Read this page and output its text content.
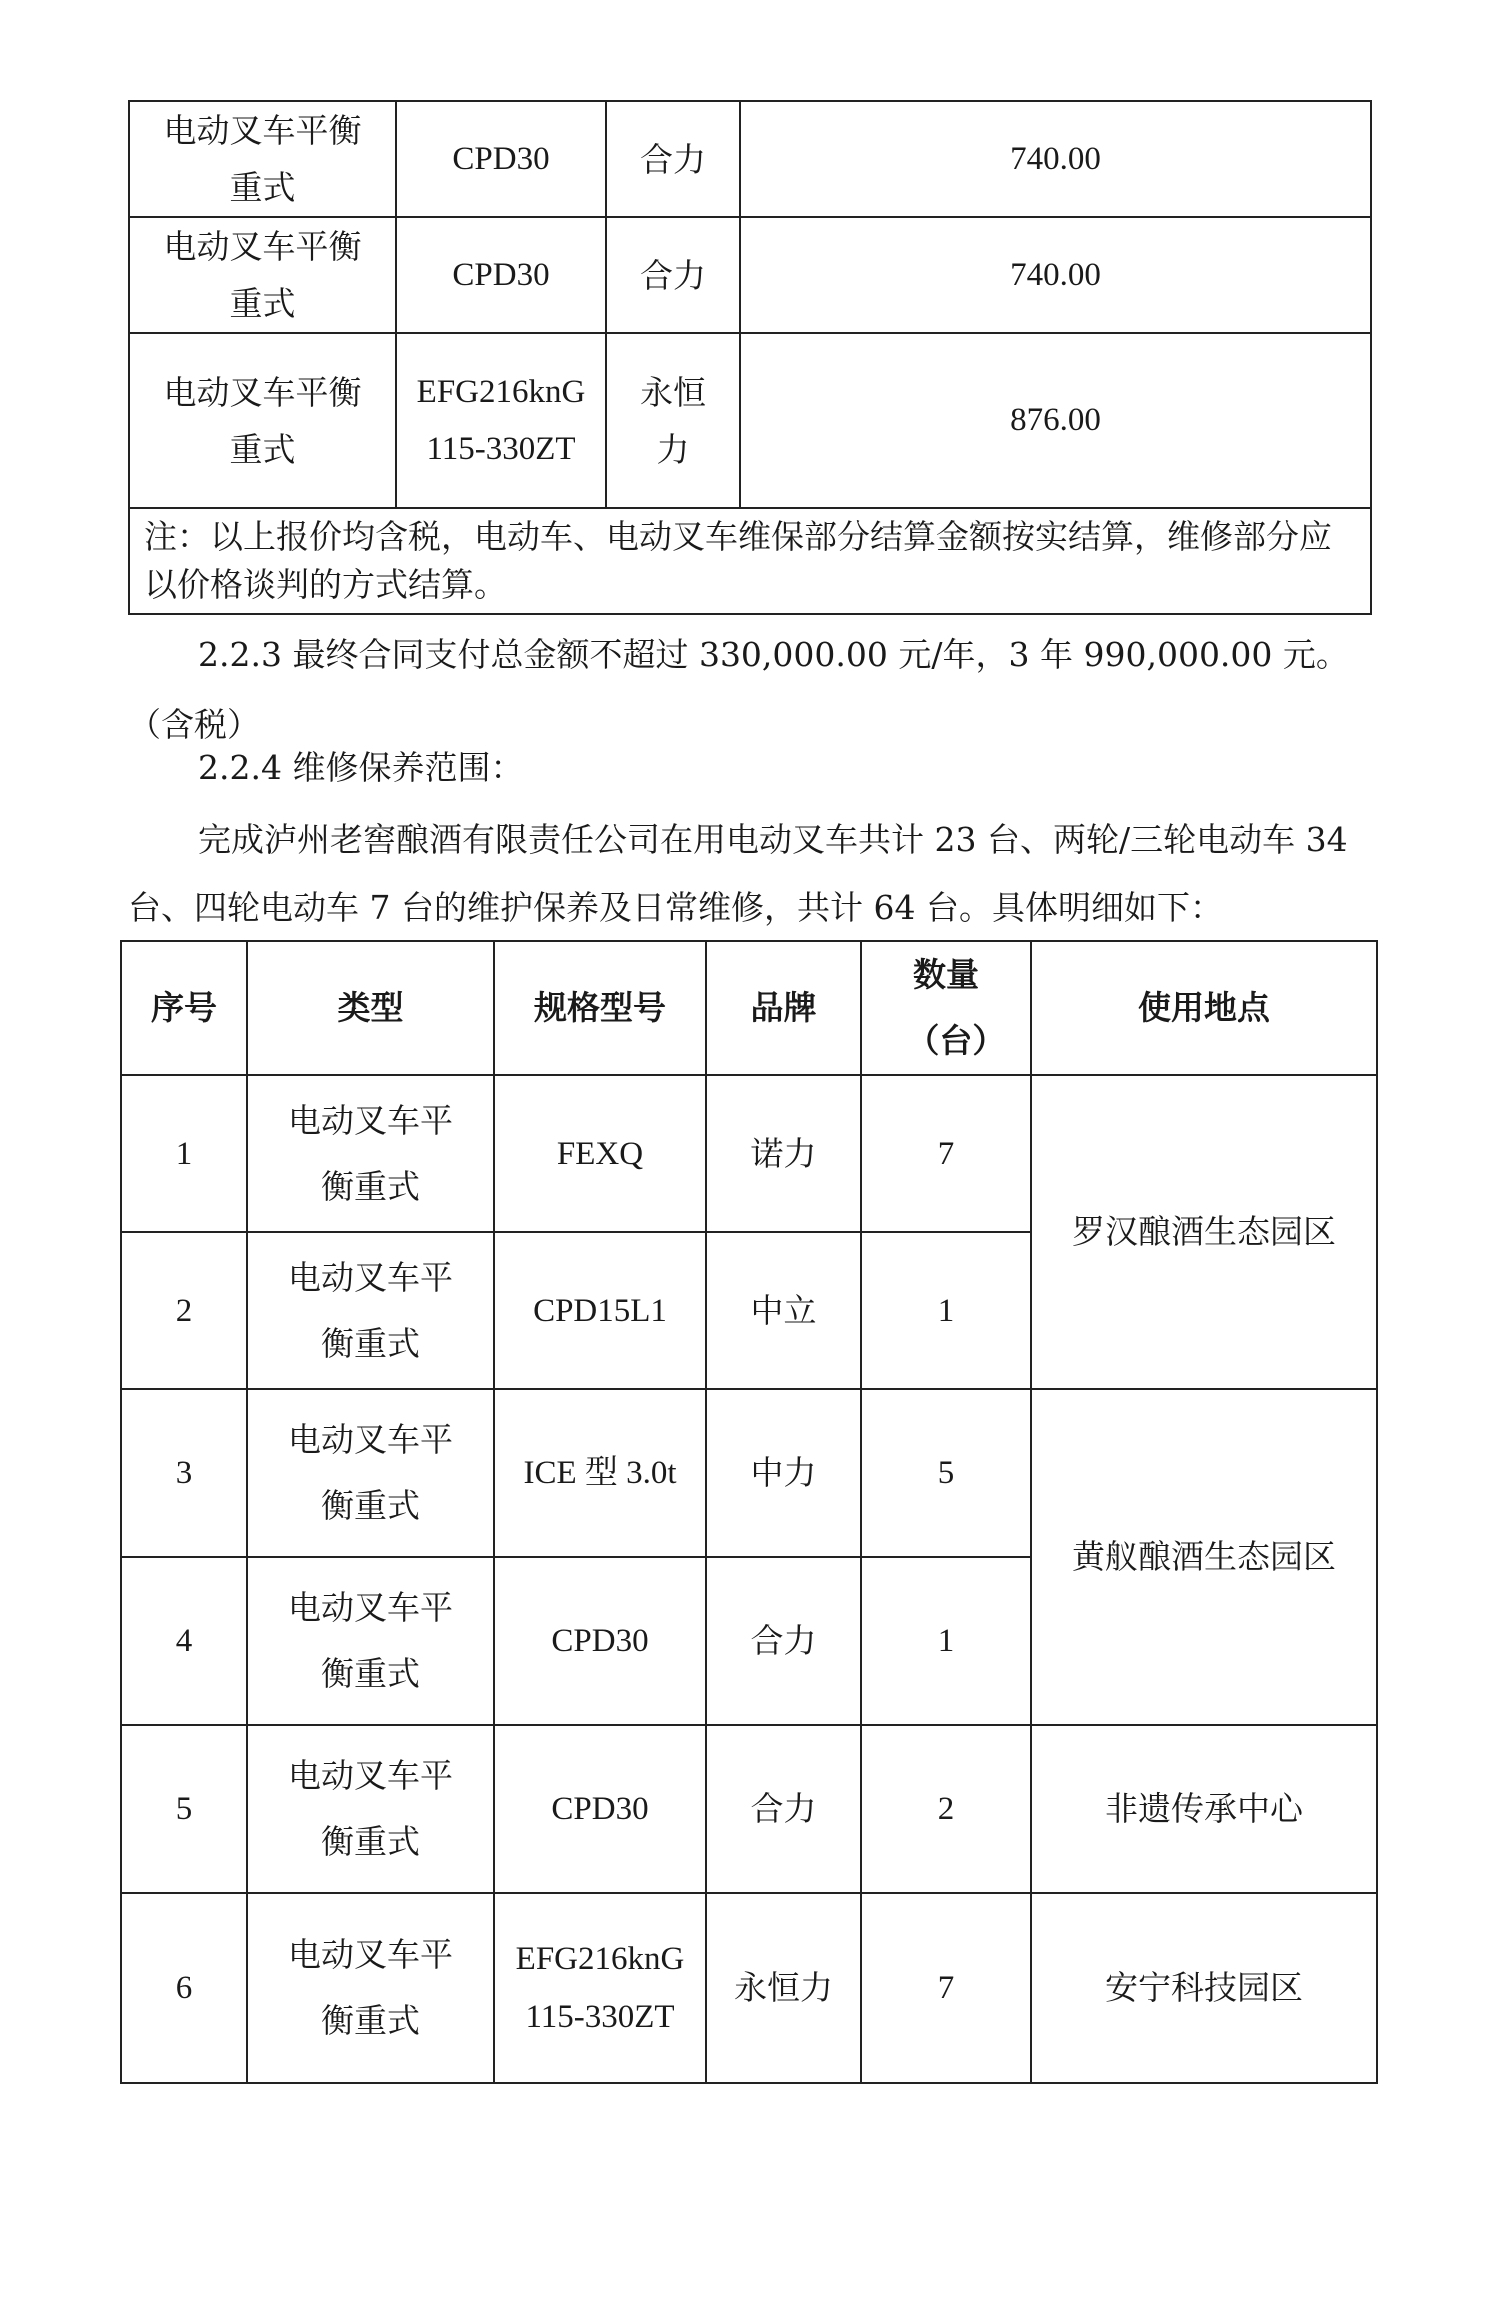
电动叉车平衡重式	CPD30	合力	740.00

电动叉车平衡重式	CPD30	合力	740.00

电动叉车平衡重式	EFG216knG115-330ZT	永恒力	876.00
注：以上报价均含税，电动车、电动叉车维保部分结算金额按实结算，维修部分应以价格谈判的方式结算。			

2.2.3 最终合同支付总金额不超过 330,000.00 元/年，3 年 990,000.00 元。（含税）

2.2.4 维修保养范围：

完成泸州老窖酿酒有限责任公司在用电动叉车共计 23 台、两轮/三轮电动车 34 台、四轮电动车 7 台的维护保养及日常维修，共计 64 台。具体明细如下：

序号	类型	规格型号	品牌	数量（台）	使用地点
1	电动叉车平衡重式	FEXQ	诺力	7	罗汉酿酒生态园区
2	电动叉车平衡重式	CPD15L1	中立	1	
3	电动叉车平衡重式	ICE 型 3.0t	中力	5	黄舣酿酒生态园区
4	电动叉车平衡重式	CPD30	合力	1	
5	电动叉车平衡重式	CPD30	合力	2	非遗传承中心
6	电动叉车平衡重式	EFG216knG115-330ZT	永恒力	7	安宁科技园区
